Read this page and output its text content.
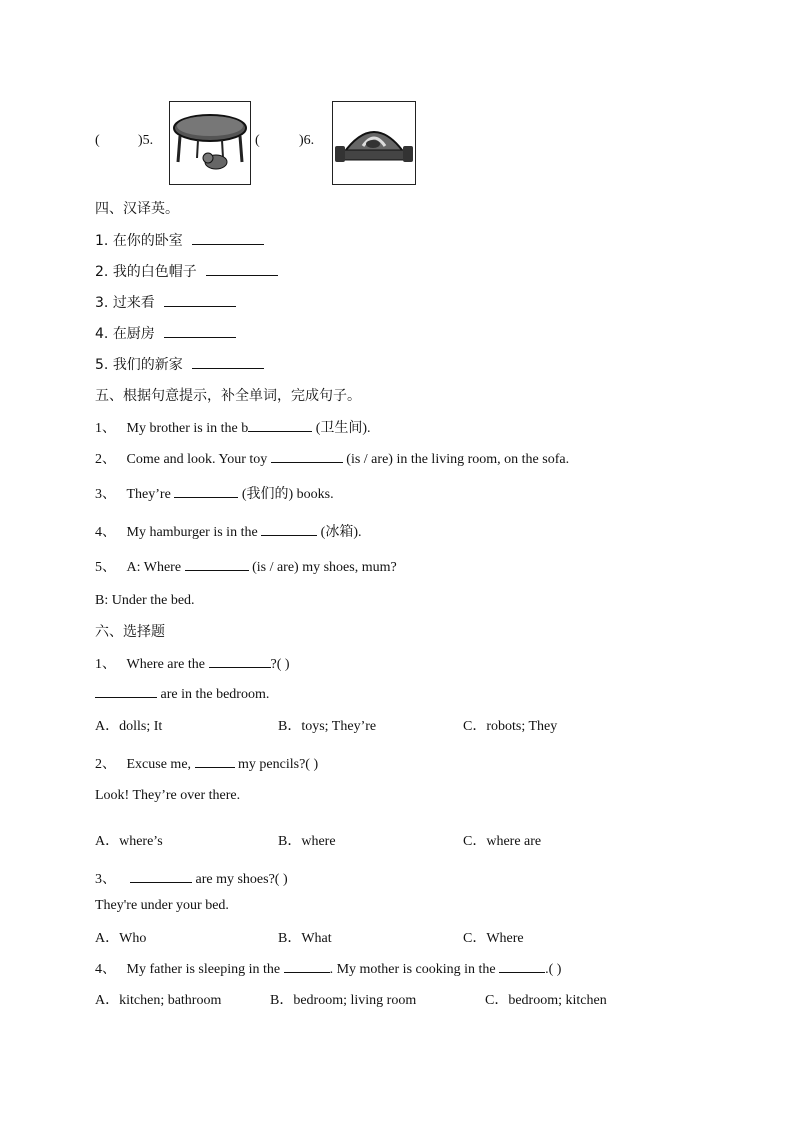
(	)5.	(	)6.
四、汉译英。
1. 在你的卧室
2. 我的白色帽子
3. 过来看
4. 在厨房
5. 我们的新家
五、根据句意提示，补全单词，完成句子。
1、 My brother is in the b	(卫生间).
2、 Come and look. Your toy	(is / are) in the living room, on the sofa.
3、 They’re	(我们的) books.
4、 My hamburger is in the	(冰箱).
5、 A: Where	(is / are) my shoes, mum?
B: Under the bed.
六、选择题
1、 Where are the	?( )
are in the bedroom.
A．dolls; It	B．toys; They’re	C．robots; They
2、 Excuse me,	my pencils?( )
Look! They’re over there.
A．where’s	B．where	C．where are
3、	are my shoes?( )
They're under your bed.
A．Who	B．What	C．Where
4、 My father is sleeping in the	. My mother is cooking in the	.( )
A．kitchen; bathroom	B．bedroom; living room	C．bedroom; kitchen
